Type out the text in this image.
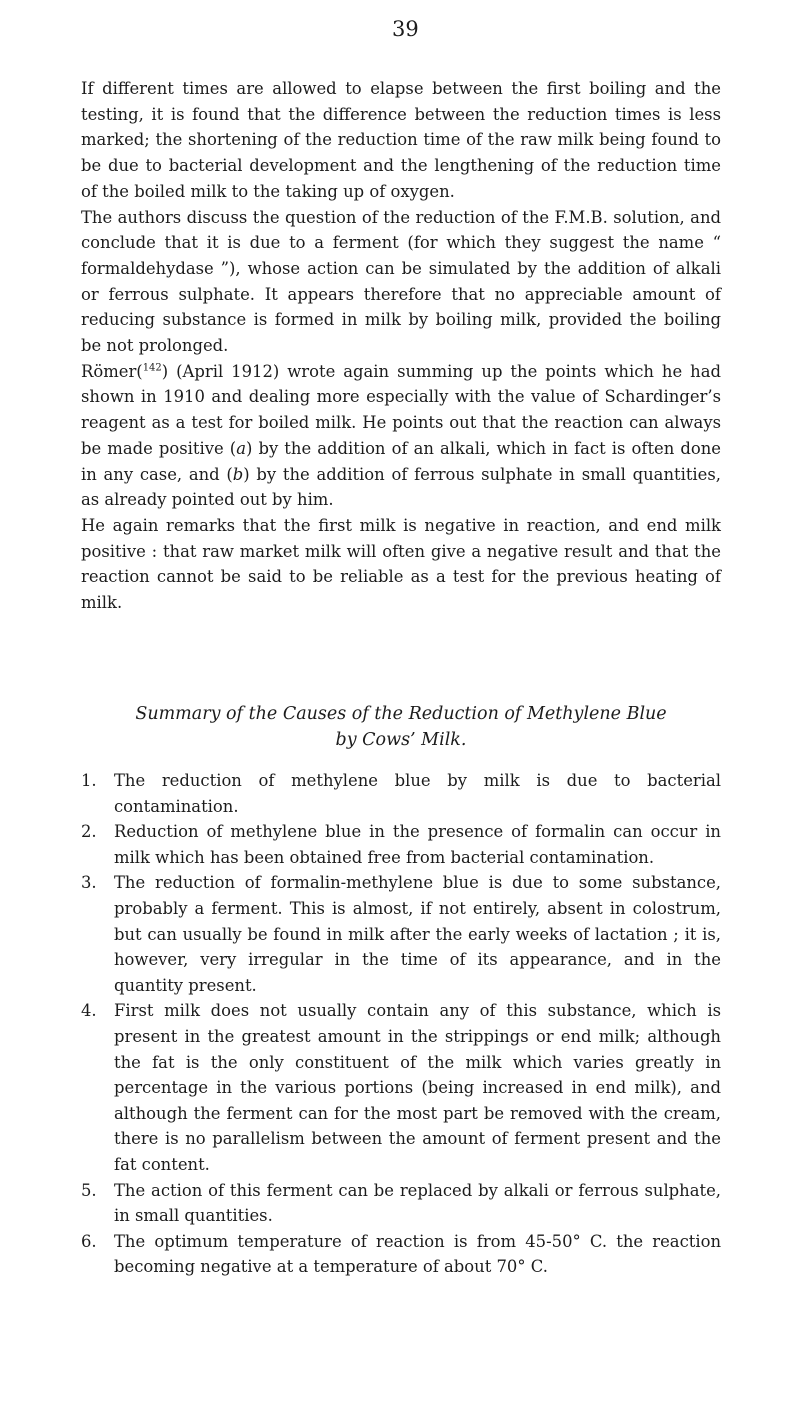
39

If different times are allowed to elapse between the first boiling and the testing, it is found that the difference between the reduction times is less marked; the shortening of the reduction time of the raw milk being found to be due to bacterial development and the lengthening of the reduction time of the boiled milk to the taking up of oxygen.

The authors discuss the question of the reduction of the F.M.B. solution, and conclude that it is due to a ferment (for which they suggest the name “ formaldehydase ”), whose action can be simulated by the addition of alkali or ferrous sulphate. It appears therefore that no appreciable amount of reducing substance is formed in milk by boiling milk, provided the boiling be not prolonged.

Römer($^{142}$) (April 1912) wrote again summing up the points which he had shown in 1910 and dealing more especially with the value of Schardinger’s reagent as a test for boiled milk. He points out that the reaction can always be made positive (a) by the addition of an alkali, which in fact is often done in any case, and (b) by the addition of ferrous sulphate in small quantities, as already pointed out by him.

He again remarks that the first milk is negative in reaction, and end milk positive : that raw market milk will often give a negative result and that the reaction cannot be said to be reliable as a test for the previous heating of milk.

Summary of the Causes of the Reduction of Methylene Blue
by Cows’ Milk.
1. The reduction of methylene blue by milk is due to bacterial contamination.
2. Reduction of methylene blue in the presence of formalin can occur in milk which has been obtained free from bacterial contamination.
3. The reduction of formalin-methylene blue is due to some substance, probably a ferment. This is almost, if not entirely, absent in colostrum, but can usually be found in milk after the early weeks of lactation ; it is, however, very irregular in the time of its appearance, and in the quantity present.
4. First milk does not usually contain any of this substance, which is present in the greatest amount in the strippings or end milk; although the fat is the only constituent of the milk which varies greatly in percentage in the various portions (being increased in end milk), and although the ferment can for the most part be removed with the cream, there is no parallelism between the amount of ferment present and the fat content.
5. The action of this ferment can be replaced by alkali or ferrous sulphate, in small quantities.
6. The optimum temperature of reaction is from 45-50° C. the reaction becoming negative at a temperature of about 70° C.
